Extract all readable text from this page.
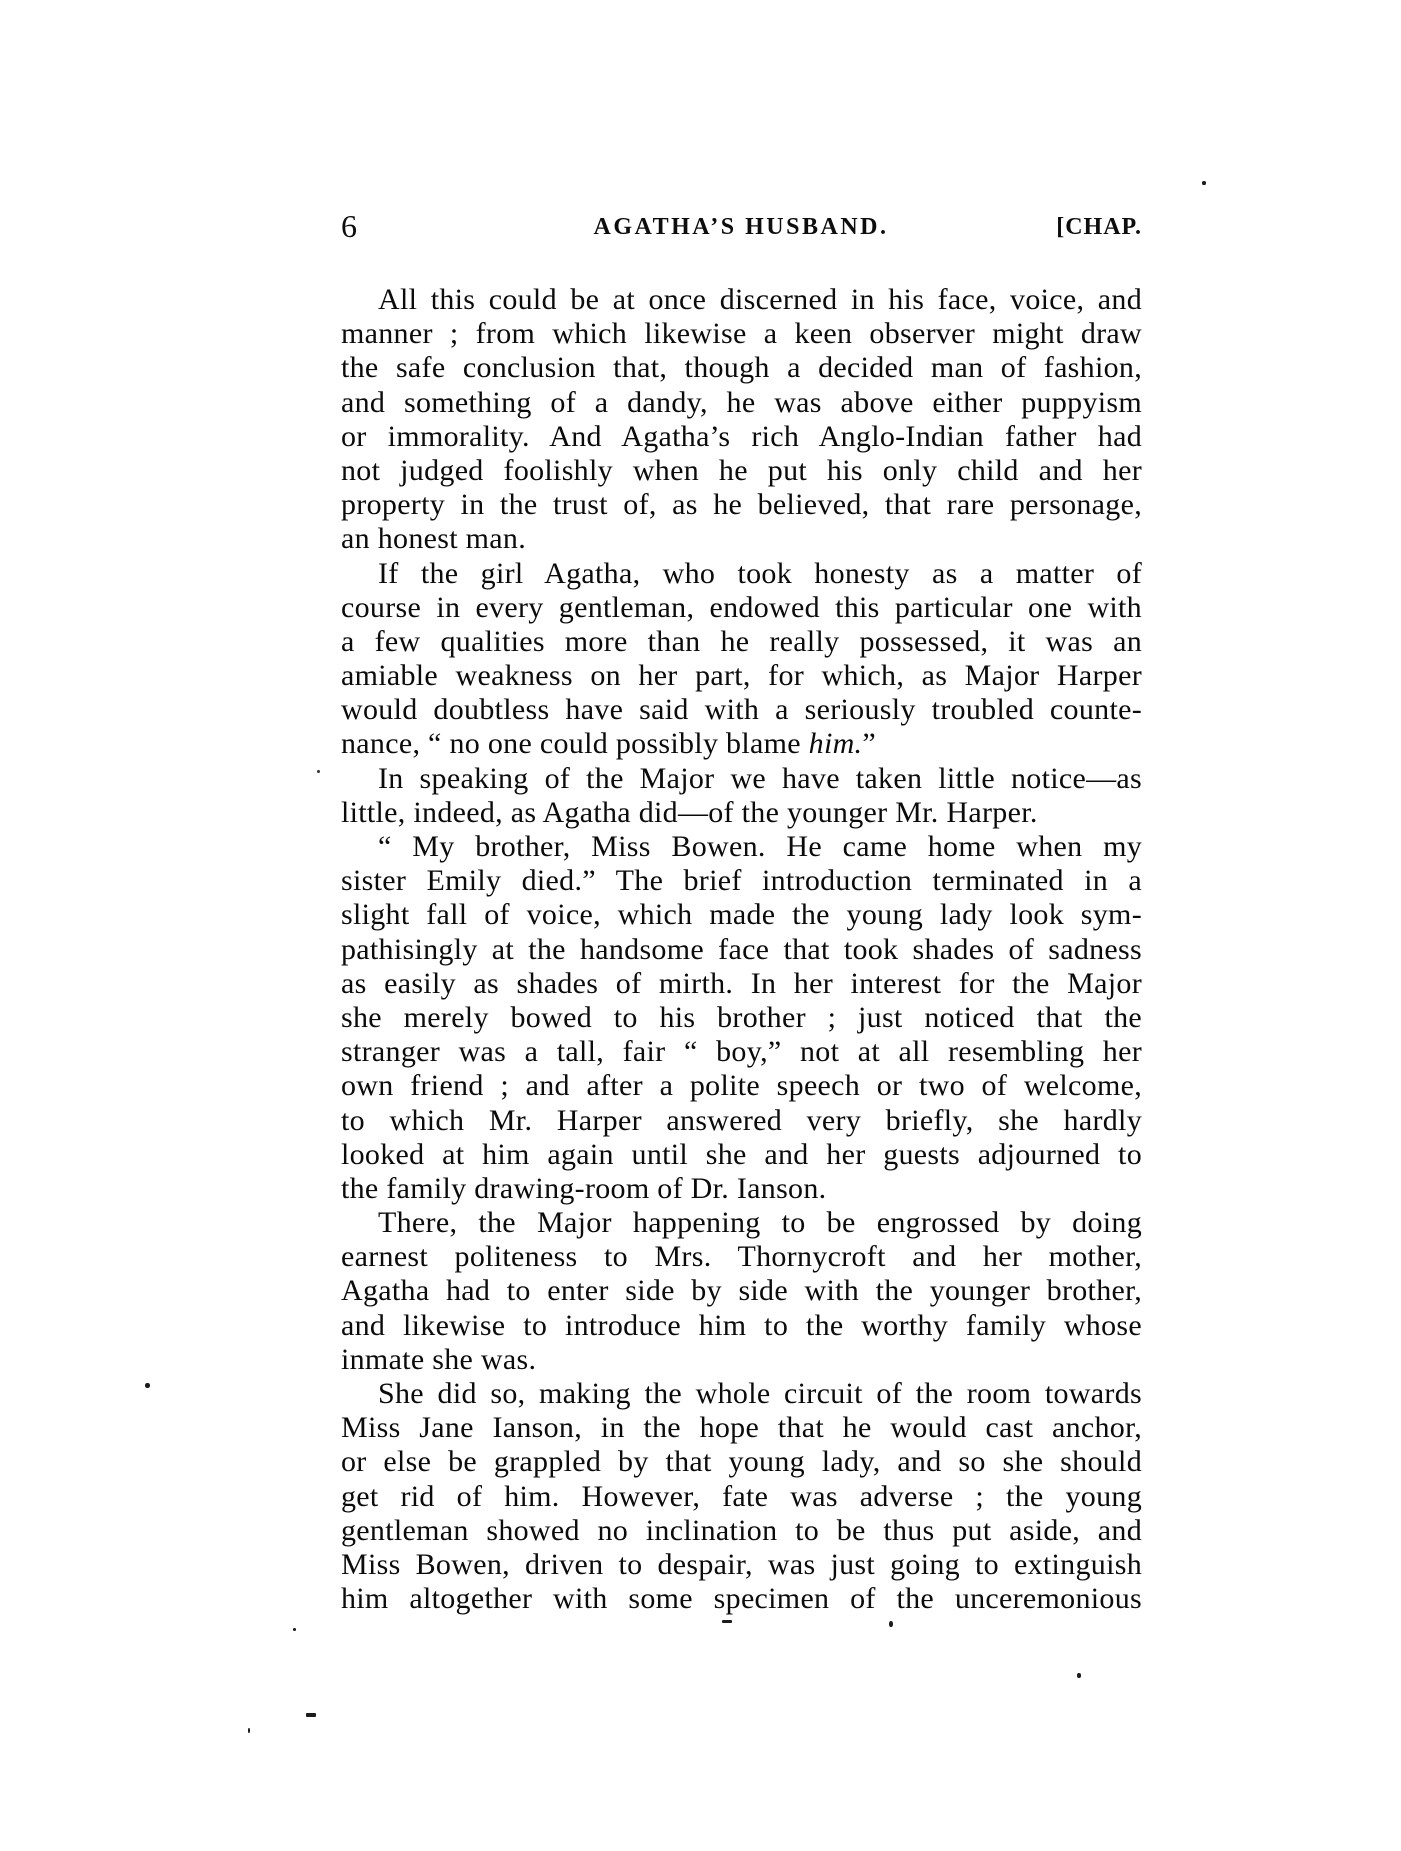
6	AGATHA’S HUSBAND.	[CHAP.
All this could be at once discerned in his face, voice, and
manner ; from which likewise a keen observer might draw
the safe conclusion that, though a decided man of fashion,
and something of a dandy, he was above either puppyism
or immorality. And Agatha’s rich Anglo-Indian father had
not judged foolishly when he put his only child and her
property in the trust of, as he believed, that rare personage,
an honest man.
If the girl Agatha, who took honesty as a matter of
course in every gentleman, endowed this particular one with
a few qualities more than he really possessed, it was an
amiable weakness on her part, for which, as Major Harper
would doubtless have said with a seriously troubled counte-
nance, “ no one could possibly blame him.”
In speaking of the Major we have taken little notice—as
little, indeed, as Agatha did—of the younger Mr. Harper.
“ My brother, Miss Bowen. He came home when my
sister Emily died.” The brief introduction terminated in a
slight fall of voice, which made the young lady look sym-
pathisingly at the handsome face that took shades of sadness
as easily as shades of mirth. In her interest for the Major
she merely bowed to his brother ; just noticed that the
stranger was a tall, fair “ boy,” not at all resembling her
own friend ; and after a polite speech or two of welcome,
to which Mr. Harper answered very briefly, she hardly
looked at him again until she and her guests adjourned to
the family drawing-room of Dr. Ianson.
There, the Major happening to be engrossed by doing
earnest politeness to Mrs. Thornycroft and her mother,
Agatha had to enter side by side with the younger brother,
and likewise to introduce him to the worthy family whose
inmate she was.
She did so, making the whole circuit of the room towards
Miss Jane Ianson, in the hope that he would cast anchor,
or else be grappled by that young lady, and so she should
get rid of him. However, fate was adverse ; the young
gentleman showed no inclination to be thus put aside, and
Miss Bowen, driven to despair, was just going to extinguish
him altogether with some specimen of the unceremonious
